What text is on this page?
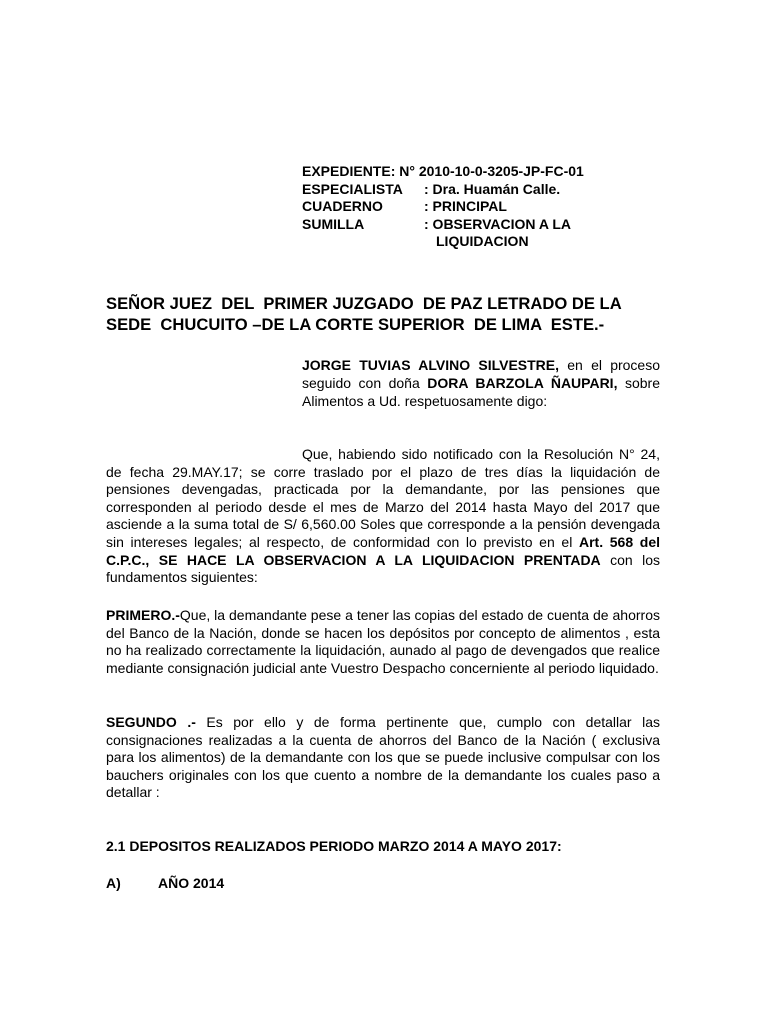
EXPEDIENTE: N° 2010-10-0-3205-JP-FC-01
ESPECIALISTA	: Dra. Huamán Calle.
CUADERNO	: PRINCIPAL
SUMILLA	: OBSERVACION A LA
LIQUIDACION
SEÑOR JUEZ  DEL  PRIMER JUZGADO  DE PAZ LETRADO DE LA
SEDE  CHUCUITO –DE LA CORTE SUPERIOR  DE LIMA  ESTE.-
JORGE TUVIAS ALVINO SILVESTRE, en el proceso seguido con doña DORA BARZOLA ÑAUPARI, sobre Alimentos a Ud. respetuosamente digo:
Que, habiendo sido notificado con la Resolución N° 24, de fecha 29.MAY.17; se corre traslado por el plazo de tres días la liquidación de pensiones devengadas, practicada por la demandante, por las pensiones que corresponden al periodo desde el mes de Marzo del 2014 hasta Mayo del 2017 que asciende a la suma total de S/ 6,560.00 Soles que corresponde a la pensión devengada sin intereses legales; al respecto, de conformidad con lo previsto en el Art. 568 del C.P.C., SE HACE LA OBSERVACION A LA LIQUIDACION PRENTADA con los fundamentos siguientes:
PRIMERO.-Que, la demandante pese a tener las copias del estado de cuenta de ahorros del Banco de la Nación, donde se hacen los depósitos por concepto de alimentos , esta no ha realizado correctamente la liquidación, aunado al pago de devengados que realice mediante consignación judicial ante Vuestro Despacho concerniente al periodo liquidado.
SEGUNDO .- Es por ello y de forma pertinente que, cumplo con detallar las consignaciones realizadas a la cuenta de ahorros del Banco de la Nación ( exclusiva para los alimentos) de la demandante con los que se puede inclusive compulsar con los bauchers originales con los que cuento a nombre de la demandante los cuales paso a detallar :
2.1 DEPOSITOS REALIZADOS PERIODO MARZO 2014 A MAYO 2017:
A)	AÑO 2014
